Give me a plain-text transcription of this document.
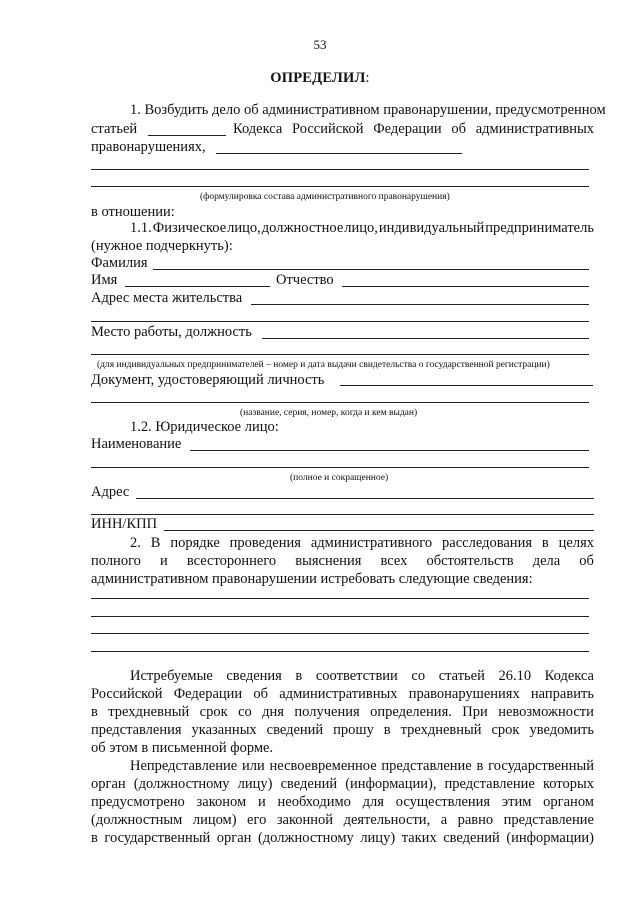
53
ОПРЕДЕЛИЛ:
1. Возбудить дело об административном правонарушении, предусмотренном
статьей	Кодекса Российской Федерации об административных
правонарушениях,
(формулировка состава административного правонарушения)
в отношении:
1.1. Физическое лицо, должностное лицо, индивидуальный предприниматель
(нужное подчеркнуть):
Фамилия
Имя	Отчество
Адрес места жительства
Место работы, должность
(для индивидуальных предпринимателей – номер и дата выдачи свидетельства о государственной регистрации)
Документ, удостоверяющий личность
(название, серия, номер, когда и кем выдан)
1.2. Юридическое лицо:
Наименование
(полное и сокращенное)
Адрес
ИНН/КПП
2. В порядке проведения административного расследования в целях
полного и всестороннего выяснения всех обстоятельств дела об
административном правонарушении истребовать следующие сведения:
Истребуемые сведения в соответствии со статьей 26.10 Кодекса
Российской Федерации об административных правонарушениях направить
в трехдневный срок со дня получения определения. При невозможности
представления указанных сведений прошу в трехдневный срок уведомить
об этом в письменной форме.
Непредставление или несвоевременное представление в государственный
орган (должностному лицу) сведений (информации), представление которых
предусмотрено законом и необходимо для осуществления этим органом
(должностным лицом) его законной деятельности, а равно представление
в государственный орган (должностному лицу) таких сведений (информации)
